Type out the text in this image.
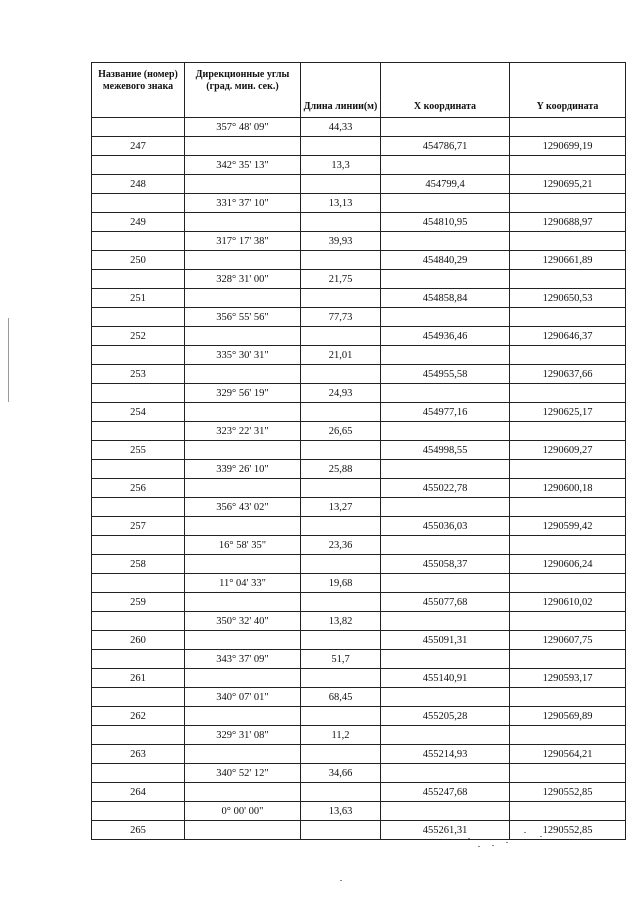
Название (номер) межевого знака	Дирекционные углы (град. мин. сек.)	Длина линии(м)	X координата	Y координата
	357° 48' 09"	44,33		
247			454786,71	1290699,19
	342° 35' 13"	13,3		
248			454799,4	1290695,21
	331° 37' 10"	13,13		
249			454810,95	1290688,97
	317° 17' 38"	39,93		
250			454840,29	1290661,89
	328° 31' 00"	21,75		
251			454858,84	1290650,53
	356° 55' 56"	77,73		
252			454936,46	1290646,37
	335° 30' 31"	21,01		
253			454955,58	1290637,66
	329° 56' 19"	24,93		
254			454977,16	1290625,17
	323° 22' 31"	26,65		
255			454998,55	1290609,27
	339° 26' 10"	25,88		
256			455022,78	1290600,18
	356° 43' 02"	13,27		
257			455036,03	1290599,42
	16° 58' 35"	23,36		
258			455058,37	1290606,24
	11° 04' 33"	19,68		
259			455077,68	1290610,02
	350° 32' 40"	13,82		
260			455091,31	1290607,75
	343° 37' 09"	51,7		
261			455140,91	1290593,17
	340° 07' 01"	68,45		
262			455205,28	1290569,89
	329° 31' 08"	11,2		
263			455214,93	1290564,21
	340° 52' 12"	34,66		
264			455247,68	1290552,85
	0° 00' 00"	13,63		
265			455261,31	1290552,85
